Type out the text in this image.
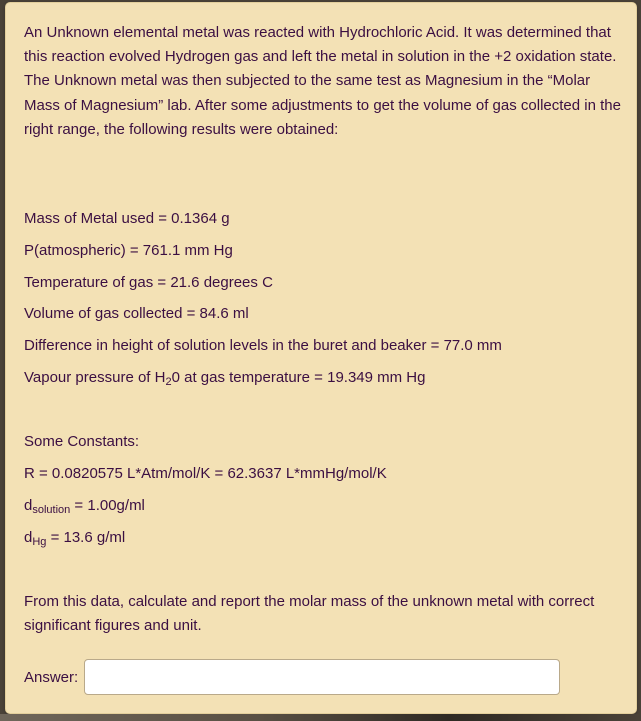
An Unknown elemental metal was reacted with Hydrochloric Acid. It was determined that this reaction evolved Hydrogen gas and left the metal in solution in the +2 oxidation state. The Unknown metal was then subjected to the same test as Magnesium in the “Molar Mass of Magnesium” lab. After some adjustments to get the volume of gas collected in the right range, the following results were obtained:

Mass of Metal used = 0.1364 g

P(atmospheric) = 761.1 mm Hg

Temperature of gas = 21.6 degrees C

Volume of gas collected = 84.6 ml

Difference in height of solution levels in the buret and beaker = 77.0 mm

Vapour pressure of $H_20$ at gas temperature = 19.349 mm Hg

Some Constants:

R = 0.0820575 L*Atm/mol/K = 62.3637 L*mmHg/mol/K

$d_{solution} = 1.00g/ml$

$d_{Hg} = 13.6$ g/ml

From this data, calculate and report the molar mass of the unknown metal with correct significant figures and unit.

Answer:
